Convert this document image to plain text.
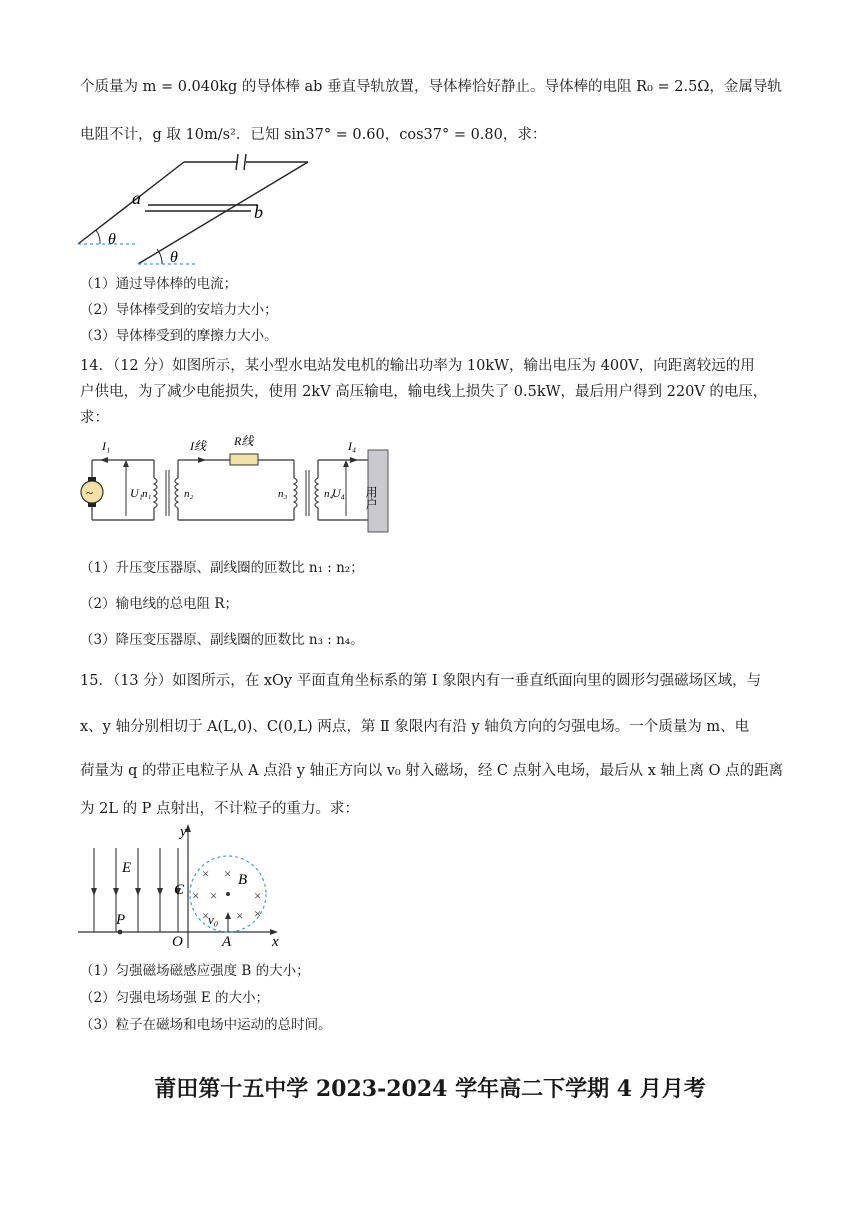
个质量为 m = 0.040kg 的导体棒 ab 垂直导轨放置，导体棒恰好静止。导体棒的电阻 R₀ = 2.5Ω，金属导轨
电阻不计，g 取 10m/s²．已知 sin37° = 0.60，cos37° = 0.80，求：
a
b
θ
θ
（1）通过导体棒的电流；
（2）导体棒受到的安培力大小；
（3）导体棒受到的摩擦力大小。
14．（12 分）如图所示，某小型水电站发电机的输出功率为 10kW，输出电压为 400V，向距离较远的用
户供电，为了减少电能损失，使用 2kV 高压输电，输电线上损失了 0.5kW，最后用户得到 220V 的电压，
求：
~
I₁
U₁ n₁	n₂
I线 R线
n₃	n₄
U₄
I₄
用户
（1）升压变压器原、副线圈的匝数比 n₁ : n₂；
（2）输电线的总电阻 R；
（3）降压变压器原、副线圈的匝数比 n₃ : n₄。
15．（13 分）如图所示，在 xOy 平面直角坐标系的第 Ⅰ 象限内有一垂直纸面向里的圆形匀强磁场区域，与
x、y 轴分别相切于 A(L,0)、C(0,L) 两点，第 Ⅱ 象限内有沿 y 轴负方向的匀强电场。一个质量为 m、电
荷量为 q 的带正电粒子从 A 点沿 y 轴正方向以 v₀ 射入磁场，经 C 点射入电场，最后从 x 轴上离 O 点的距离
为 2L 的 P 点射出，不计粒子的重力。求：
E
C
y
x
O	A
B
P	v₀
× ×
× ×	×
× × ×
（1）匀强磁场磁感应强度 B 的大小；
（2）匀强电场场强 E 的大小；
（3）粒子在磁场和电场中运动的总时间。
莆田第十五中学 2023-2024 学年高二下学期 4 月月考
